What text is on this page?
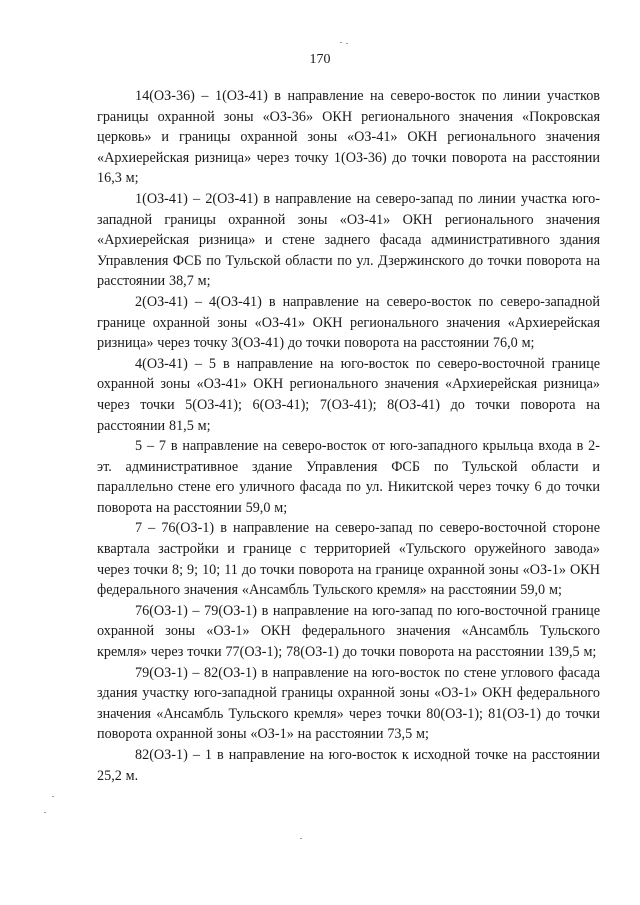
170

14(ОЗ-36) – 1(ОЗ-41) в направление на северо-восток по линии участков границы охранной зоны «ОЗ-36» ОКН регионального значения «Покровская церковь» и границы охранной зоны «ОЗ-41» ОКН регионального значения «Архиерейская ризница» через точку 1(ОЗ-36) до точки поворота на расстоянии 16,3 м;

1(ОЗ-41) – 2(ОЗ-41) в направление на северо-запад по линии участка юго-западной границы охранной зоны «ОЗ-41» ОКН регионального значения «Архиерейская ризница» и стене заднего фасада административного здания Управления ФСБ по Тульской области по ул. Дзержинского до точки поворота на расстоянии 38,7 м;

2(ОЗ-41) – 4(ОЗ-41) в направление на северо-восток по северо-западной границе охранной зоны «ОЗ-41» ОКН регионального значения «Архиерейская ризница» через точку 3(ОЗ-41) до точки поворота на расстоянии 76,0 м;

4(ОЗ-41) – 5 в направление на юго-восток по северо-восточной границе охранной зоны «ОЗ-41» ОКН регионального значения «Архиерейская ризница» через точки 5(ОЗ-41); 6(ОЗ-41); 7(ОЗ-41); 8(ОЗ-41) до точки поворота на расстоянии 81,5 м;

5 – 7 в направление на северо-восток от юго-западного крыльца входа в 2-эт. административное здание Управления ФСБ по Тульской области и параллельно стене его уличного фасада по ул. Никитской через точку 6 до точки поворота на расстоянии 59,0 м;

7 – 76(ОЗ-1) в направление на северо-запад по северо-восточной стороне квартала застройки и границе с территорией «Тульского оружейного завода» через точки 8; 9; 10; 11 до точки поворота на границе охранной зоны «ОЗ-1» ОКН федерального значения «Ансамбль Тульского кремля» на расстоянии 59,0 м;

76(ОЗ-1) – 79(ОЗ-1) в направление на юго-запад по юго-восточной границе охранной зоны «ОЗ-1» ОКН федерального значения «Ансамбль Тульского кремля» через точки 77(ОЗ-1); 78(ОЗ-1) до точки поворота на расстоянии 139,5 м;

79(ОЗ-1) – 82(ОЗ-1) в направление на юго-восток по стене углового фасада здания участку юго-западной границы охранной зоны «ОЗ-1» ОКН федерального значения «Ансамбль Тульского кремля» через точки 80(ОЗ-1); 81(ОЗ-1) до точки поворота охранной зоны «ОЗ-1» на расстоянии 73,5 м;

82(ОЗ-1) – 1 в направление на юго-восток к исходной точке на расстоянии 25,2 м.
